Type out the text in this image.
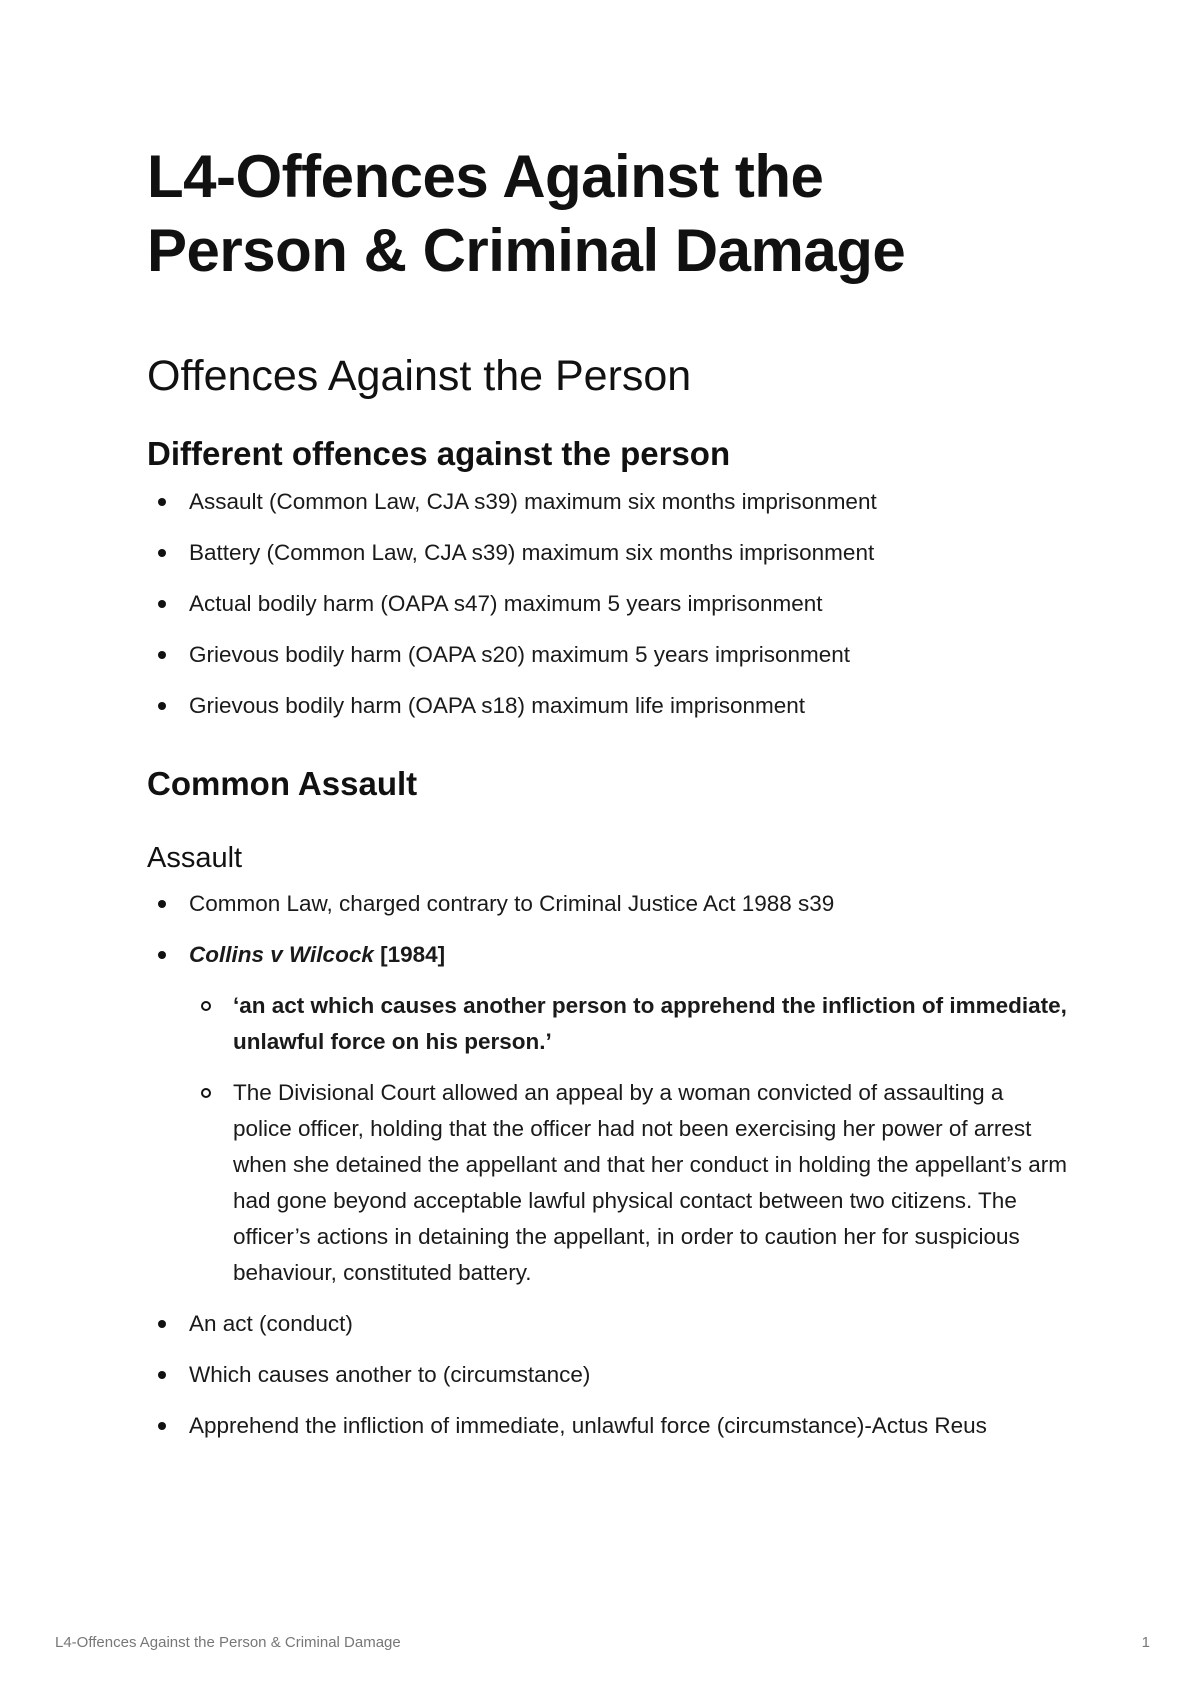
L4-Offences Against the
Person & Criminal Damage
Offences Against the Person
Different offences against the person
Assault (Common Law, CJA s39) maximum six months imprisonment
Battery (Common Law, CJA s39) maximum six months imprisonment
Actual bodily harm (OAPA s47) maximum 5 years imprisonment
Grievous bodily harm (OAPA s20) maximum 5 years imprisonment
Grievous bodily harm (OAPA s18) maximum life imprisonment
Common Assault
Assault
Common Law, charged contrary to Criminal Justice Act 1988 s39
Collins v Wilcock [1984]
‘an act which causes another person to apprehend the infliction of immediate, unlawful force on his person.’
The Divisional Court allowed an appeal by a woman convicted of assaulting a police officer, holding that the officer had not been exercising her power of arrest when she detained the appellant and that her conduct in holding the appellant’s arm had gone beyond acceptable lawful physical contact between two citizens. The officer’s actions in detaining the appellant, in order to caution her for suspicious behaviour, constituted battery.
An act (conduct)
Which causes another to (circumstance)
Apprehend the infliction of immediate, unlawful force (circumstance)-Actus Reus
L4-Offences Against the Person & Criminal Damage	1
